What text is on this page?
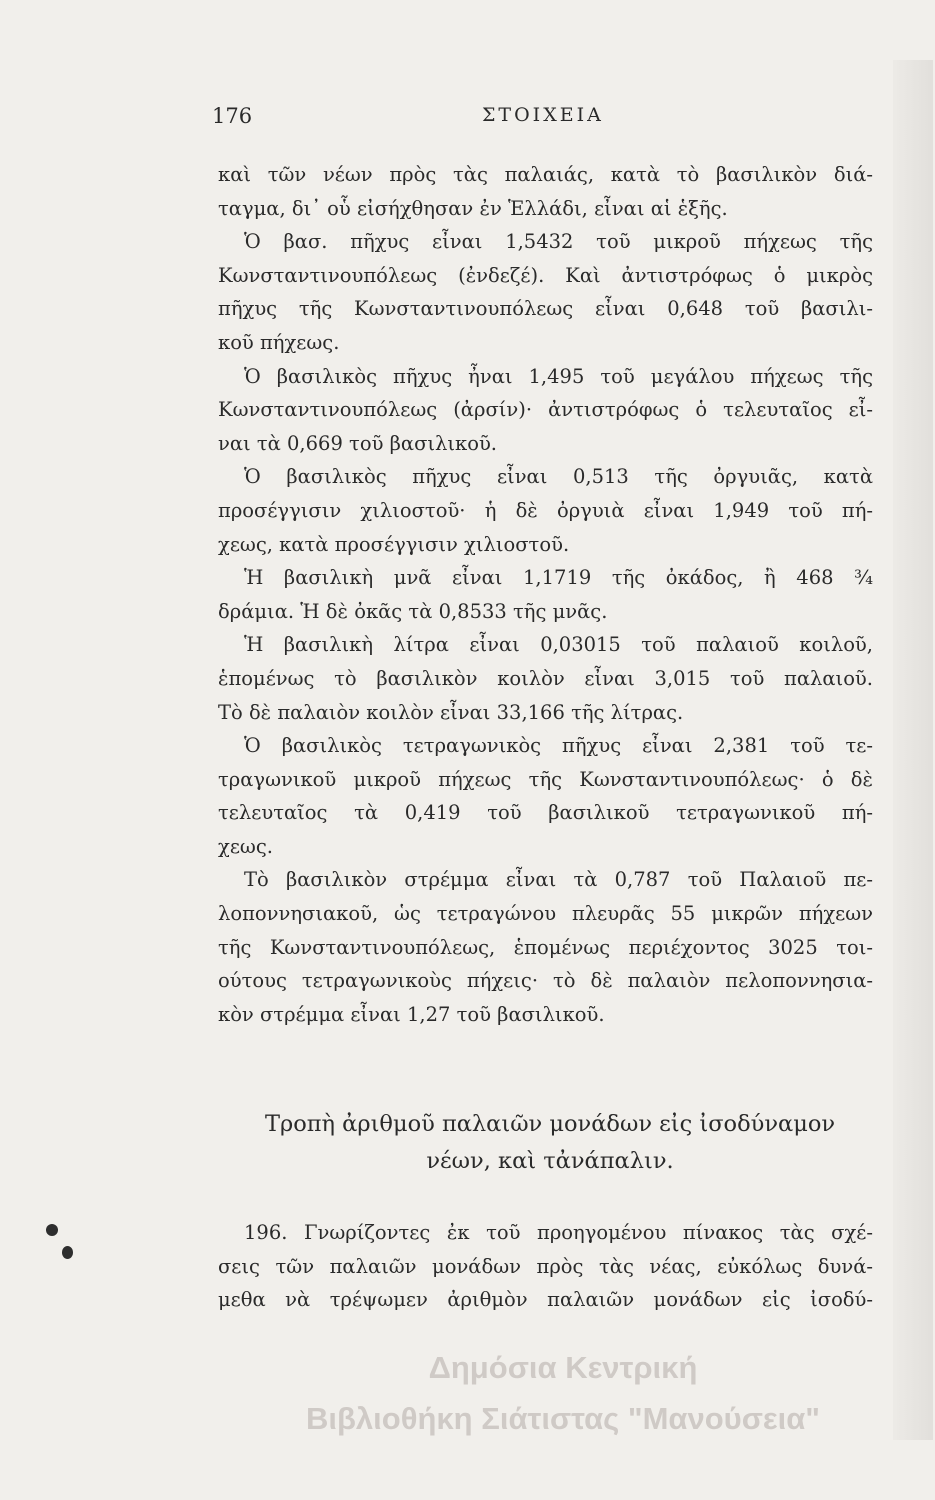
176	ΣΤΟΙΧΕΙΑ
καὶ τῶν νέων πρὸς τὰς παλαιάς, κατὰ τὸ βασιλικὸν διά-
ταγμα, δι᾽ οὗ εἰσήχθησαν ἐν Ἑλλάδι, εἶναι αἱ ἑξῆς.
Ὁ βασ. πῆχυς εἶναι 1,5432 τοῦ μικροῦ πήχεως τῆς
Κωνσταντινουπόλεως (ἐνδεζέ). Καὶ ἀντιστρόφως ὁ μικρὸς
πῆχυς τῆς Κωνσταντινουπόλεως εἶναι 0,648 τοῦ βασιλι-
κοῦ πήχεως.
Ὁ βασιλικὸς πῆχυς ἦναι 1,495 τοῦ μεγάλου πήχεως τῆς
Κωνσταντινουπόλεως (ἀρσίν)· ἀντιστρόφως ὁ τελευταῖος εἶ-
ναι τὰ 0,669 τοῦ βασιλικοῦ.
Ὁ βασιλικὸς πῆχυς εἶναι 0,513 τῆς ὀργυιᾶς, κατὰ
προσέγγισιν χιλιοστοῦ· ἡ δὲ ὀργυιὰ εἶναι 1,949 τοῦ πή-
χεως, κατὰ προσέγγισιν χιλιοστοῦ.
Ἡ βασιλικὴ μνᾶ εἶναι 1,1719 τῆς ὀκάδος, ἢ 468 ¾
δράμια. Ἡ δὲ ὀκᾶς τὰ 0,8533 τῆς μνᾶς.
Ἡ βασιλικὴ λίτρα εἶναι 0,03015 τοῦ παλαιοῦ κοιλοῦ,
ἑπομένως τὸ βασιλικὸν κοιλὸν εἶναι 3,015 τοῦ παλαιοῦ.
Τὸ δὲ παλαιὸν κοιλὸν εἶναι 33,166 τῆς λίτρας.
Ὁ βασιλικὸς τετραγωνικὸς πῆχυς εἶναι 2,381 τοῦ τε-
τραγωνικοῦ μικροῦ πήχεως τῆς Κωνσταντινουπόλεως· ὁ δὲ
τελευταῖος τὰ 0,419 τοῦ βασιλικοῦ τετραγωνικοῦ πή-
χεως.
Τὸ βασιλικὸν στρέμμα εἶναι τὰ 0,787 τοῦ Παλαιοῦ πε-
λοποννησιακοῦ, ὡς τετραγώνου πλευρᾶς 55 μικρῶν πήχεων
τῆς Κωνσταντινουπόλεως, ἑπομένως περιέχοντος 3025 τοι-
ούτους τετραγωνικοὺς πήχεις· τὸ δὲ παλαιὸν πελοποννησια-
κὸν στρέμμα εἶναι 1,27 τοῦ βασιλικοῦ.
Τροπὴ ἀριθμοῦ παλαιῶν μονάδων εἰς ἰσοδύναμον
νέων, καὶ τἀνάπαλιν.
196. Γνωρίζοντες ἐκ τοῦ προηγομένου πίνακος τὰς σχέ-
σεις τῶν παλαιῶν μονάδων πρὸς τὰς νέας, εὐκόλως δυνά-
μεθα νὰ τρέψωμεν ἀριθμὸν παλαιῶν μονάδων εἰς ἰσοδύ-
Δημόσια Κεντρική
Βιβλιοθήκη Σιάτιστας "Μανούσεια"
